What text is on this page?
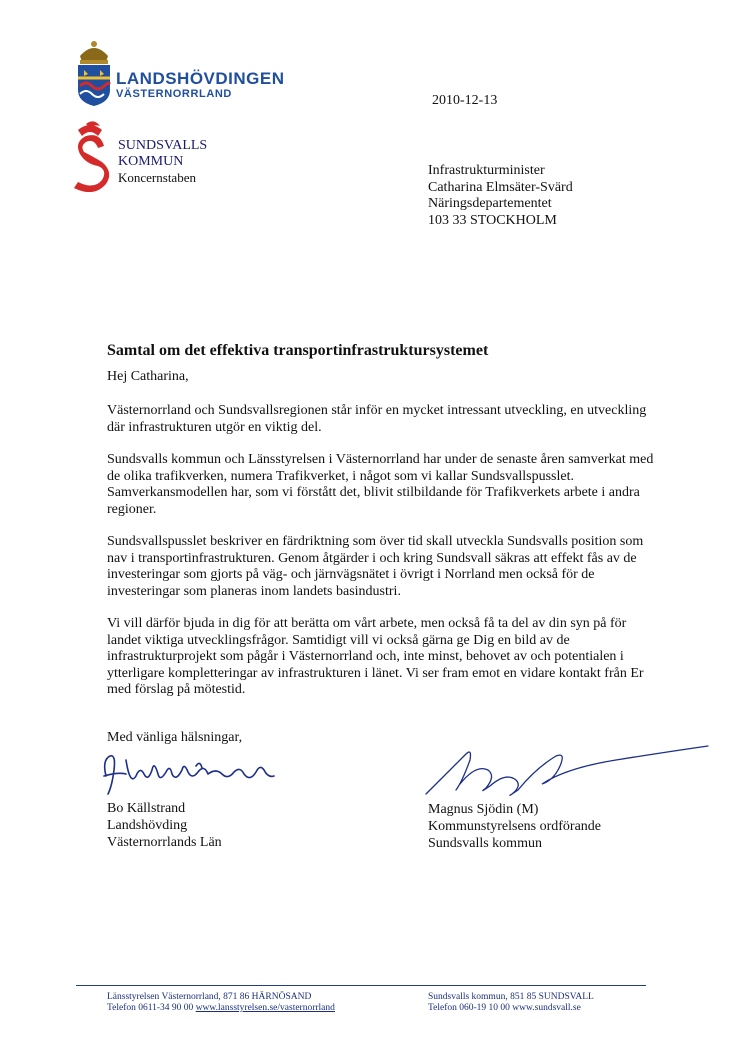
LANDSHÖVDINGEN
VÄSTERNORRLAND	2010-12-13
SUNDSVALLS
KOMMUN
Koncernstaben	Infrastrukturminister
Catharina Elmsäter-Svärd
Näringsdepartementet
103 33 STOCKHOLM
Samtal om det effektiva transportinfrastruktursystemet
Hej Catharina,

Västernorrland och Sundsvallsregionen står inför en mycket intressant utveckling, en utveckling där infrastrukturen utgör en viktig del.

Sundsvalls kommun och Länsstyrelsen i Västernorrland har under de senaste åren samverkat med de olika trafikverken, numera Trafikverket, i något som vi kallar Sundsvallspusslet. Samverkansmodellen har, som vi förstått det, blivit stilbildande för Trafikverkets arbete i andra regioner.

Sundsvallspusslet beskriver en färdriktning som över tid skall utveckla Sundsvalls position som nav i transportinfrastrukturen. Genom åtgärder i och kring Sundsvall säkras att effekt fås av de investeringar som gjorts på väg- och järnvägsnätet i övrigt i Norrland men också för de investeringar som planeras inom landets basindustri.

Vi vill därför bjuda in dig för att berätta om vårt arbete, men också få ta del av din syn på för landet viktiga utvecklingsfrågor. Samtidigt vill vi också gärna ge Dig en bild av de infrastrukturprojekt som pågår i Västernorrland och, inte minst, behovet av och potentialen i ytterligare kompletteringar av infrastrukturen i länet. Vi ser fram emot en vidare kontakt från Er med förslag på mötestid.

Med vänliga hälsningar,
Bo Källstrand
Landshövding
Västernorrlands Län
Magnus Sjödin (M)
Kommunstyrelsens ordförande
Sundsvalls kommun
Länsstyrelsen Västernorrland, 871 86 HÄRNÖSAND
Telefon 0611-34 90 00 www.lansstyrelsen.se/vasternorrland
Sundsvalls kommun, 851 85 SUNDSVALL
Telefon 060-19 10 00 www.sundsvall.se
